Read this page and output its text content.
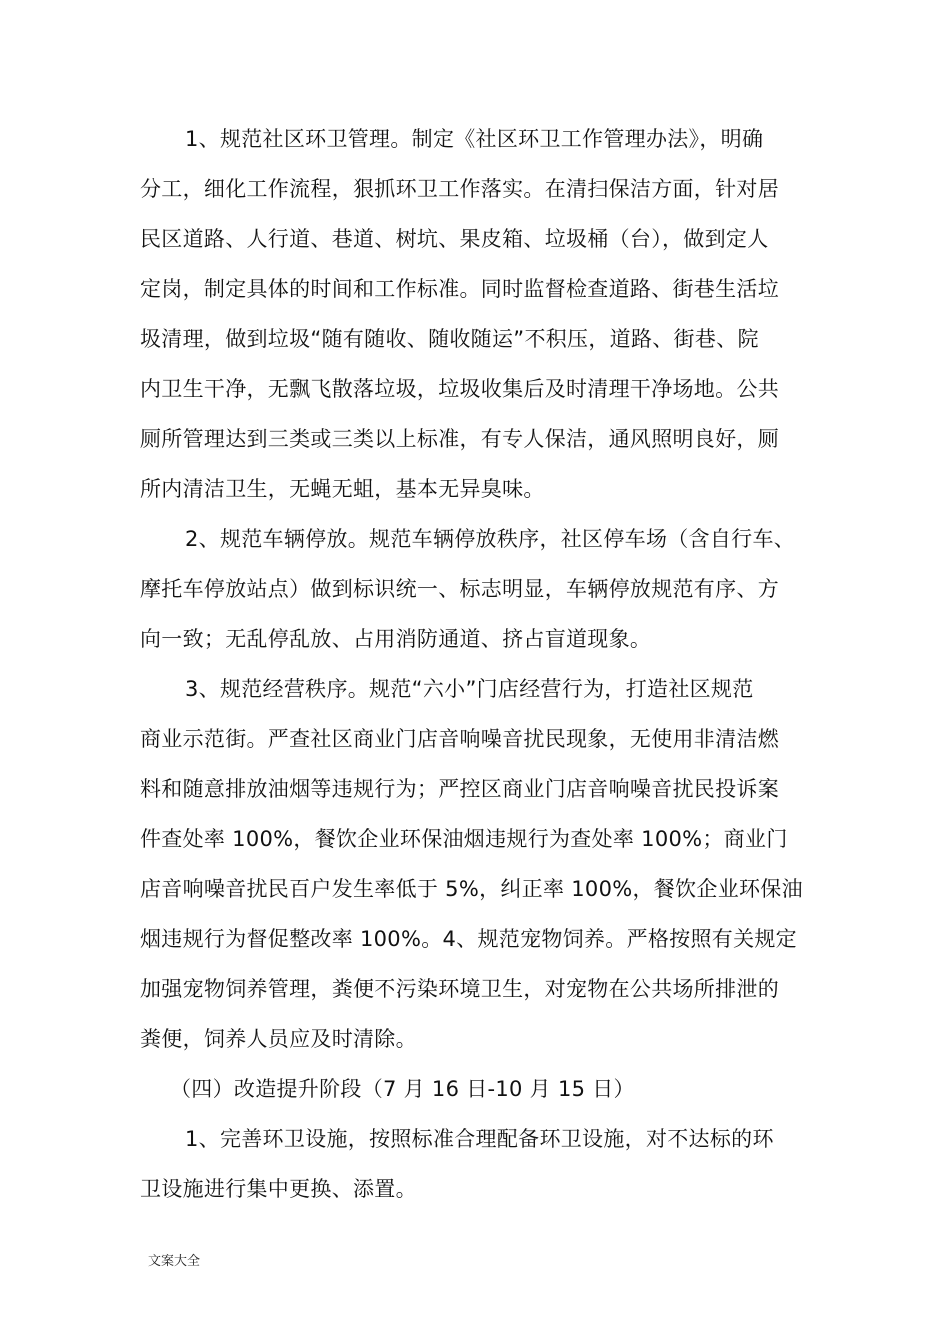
1、规范社区环卫管理。制定《社区环卫工作管理办法》，明确
分工，细化工作流程，狠抓环卫工作落实。在清扫保洁方面，针对居
民区道路、人行道、巷道、树坑、果皮箱、垃圾桶（台），做到定人
定岗，制定具体的时间和工作标准。同时监督检查道路、街巷生活垃
圾清理，做到垃圾“随有随收、随收随运”不积压，道路、街巷、院
内卫生干净，无飘飞散落垃圾，垃圾收集后及时清理干净场地。公共
厕所管理达到三类或三类以上标准，有专人保洁，通风照明良好，厕
所内清洁卫生，无蝇无蛆，基本无异臭味。
2、规范车辆停放。规范车辆停放秩序，社区停车场（含自行车、
摩托车停放站点）做到标识统一、标志明显，车辆停放规范有序、方
向一致；无乱停乱放、占用消防通道、挤占盲道现象。
3、规范经营秩序。规范“六小”门店经营行为，打造社区规范
商业示范街。严查社区商业门店音响噪音扰民现象，无使用非清洁燃
料和随意排放油烟等违规行为；严控区商业门店音响噪音扰民投诉案
件查处率 100%，餐饮企业环保油烟违规行为查处率 100%；商业门
店音响噪音扰民百户发生率低于 5%，纠正率 100%，餐饮企业环保油
烟违规行为督促整改率 100%。4、规范宠物饲养。严格按照有关规定
加强宠物饲养管理，粪便不污染环境卫生，对宠物在公共场所排泄的
粪便，饲养人员应及时清除。
（四）改造提升阶段（7 月 16 日-10 月 15 日）
1、完善环卫设施，按照标准合理配备环卫设施，对不达标的环
卫设施进行集中更换、添置。
文案大全
